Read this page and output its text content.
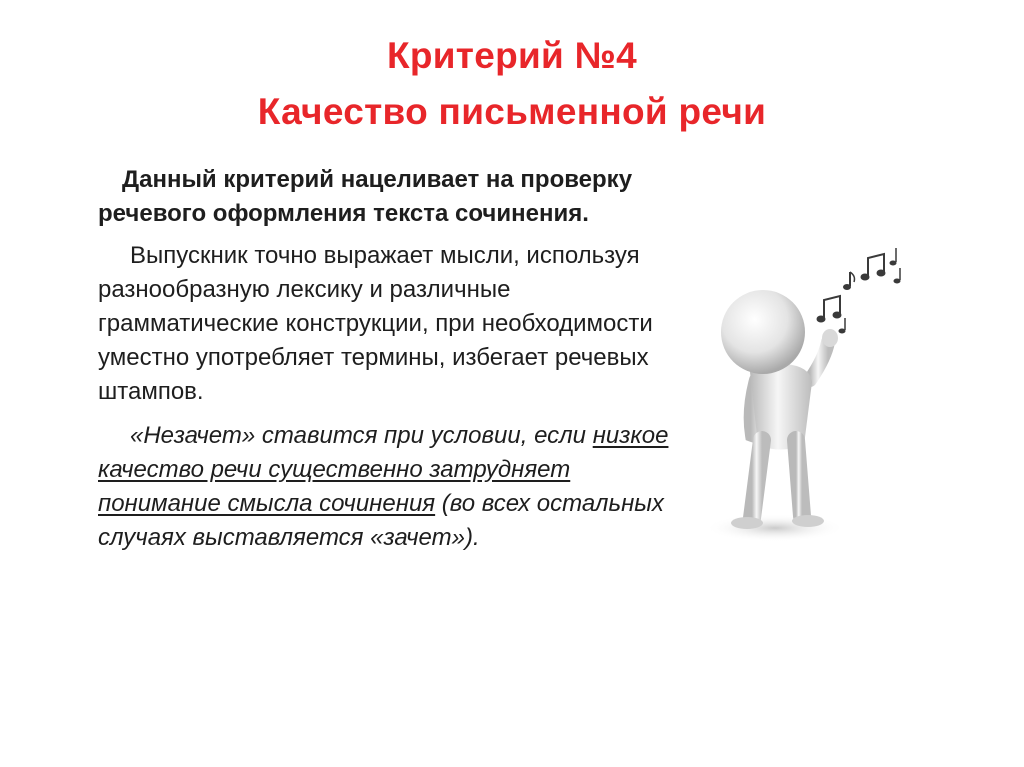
Критерий №4
Качество письменной речи

Данный критерий нацеливает на проверку речевого оформления текста сочинения.

Выпускник точно выражает мысли, используя разнообразную лексику и различные грамматические конструкции, при необходимости уместно употребляет термины, избегает речевых штампов.

«Незачет» ставится при условии, если низкое качество речи существенно затрудняет понимание смысла сочинения (во всех остальных случаях выставляется «зачет»).
